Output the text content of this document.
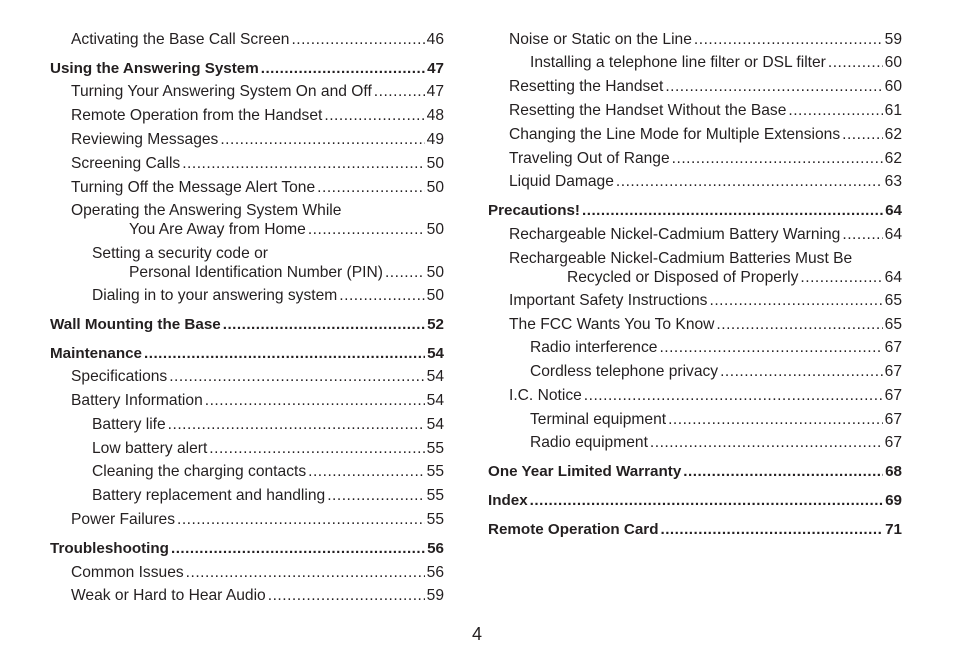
Activating the Base Call Screen .....	46
Using the Answering System .....	47
Turning Your Answering System On and Off .....	47
Remote Operation from the Handset .....	48
Reviewing Messages .....	49
Screening Calls .....	50
Turning Off the Message Alert Tone .....	50
Operating the Answering System While
You Are Away from Home .....	50
Setting a security code or
Personal Identification Number (PIN) .....	50
Dialing in to your answering system .....	50
Wall Mounting the Base .....	52
Maintenance .....	54
Specifications .....	54
Battery Information .....	54
Battery life .....	54
Low battery alert .....	55
Cleaning the charging contacts .....	55
Battery replacement and handling .....	55
Power Failures .....	55
Troubleshooting .....	56
Common Issues .....	56
Weak or Hard to Hear Audio .....	59
Noise or Static on the Line .....	59
Installing a telephone line filter or DSL filter .....	60
Resetting the Handset .....	60
Resetting the Handset Without the Base .....	61
Changing the Line Mode for Multiple Extensions .....	62
Traveling Out of Range .....	62
Liquid Damage .....	63
Precautions! .....	64
Rechargeable Nickel-Cadmium Battery Warning .....	64
Rechargeable Nickel-Cadmium Batteries Must Be
Recycled or Disposed of Properly .....	64
Important Safety Instructions .....	65
The FCC Wants You To Know .....	65
Radio interference .....	67
Cordless telephone privacy .....	67
I.C. Notice .....	67
Terminal equipment .....	67
Radio equipment .....	67
One Year Limited Warranty .....	68
Index .....	69
Remote Operation Card .....	71
4
